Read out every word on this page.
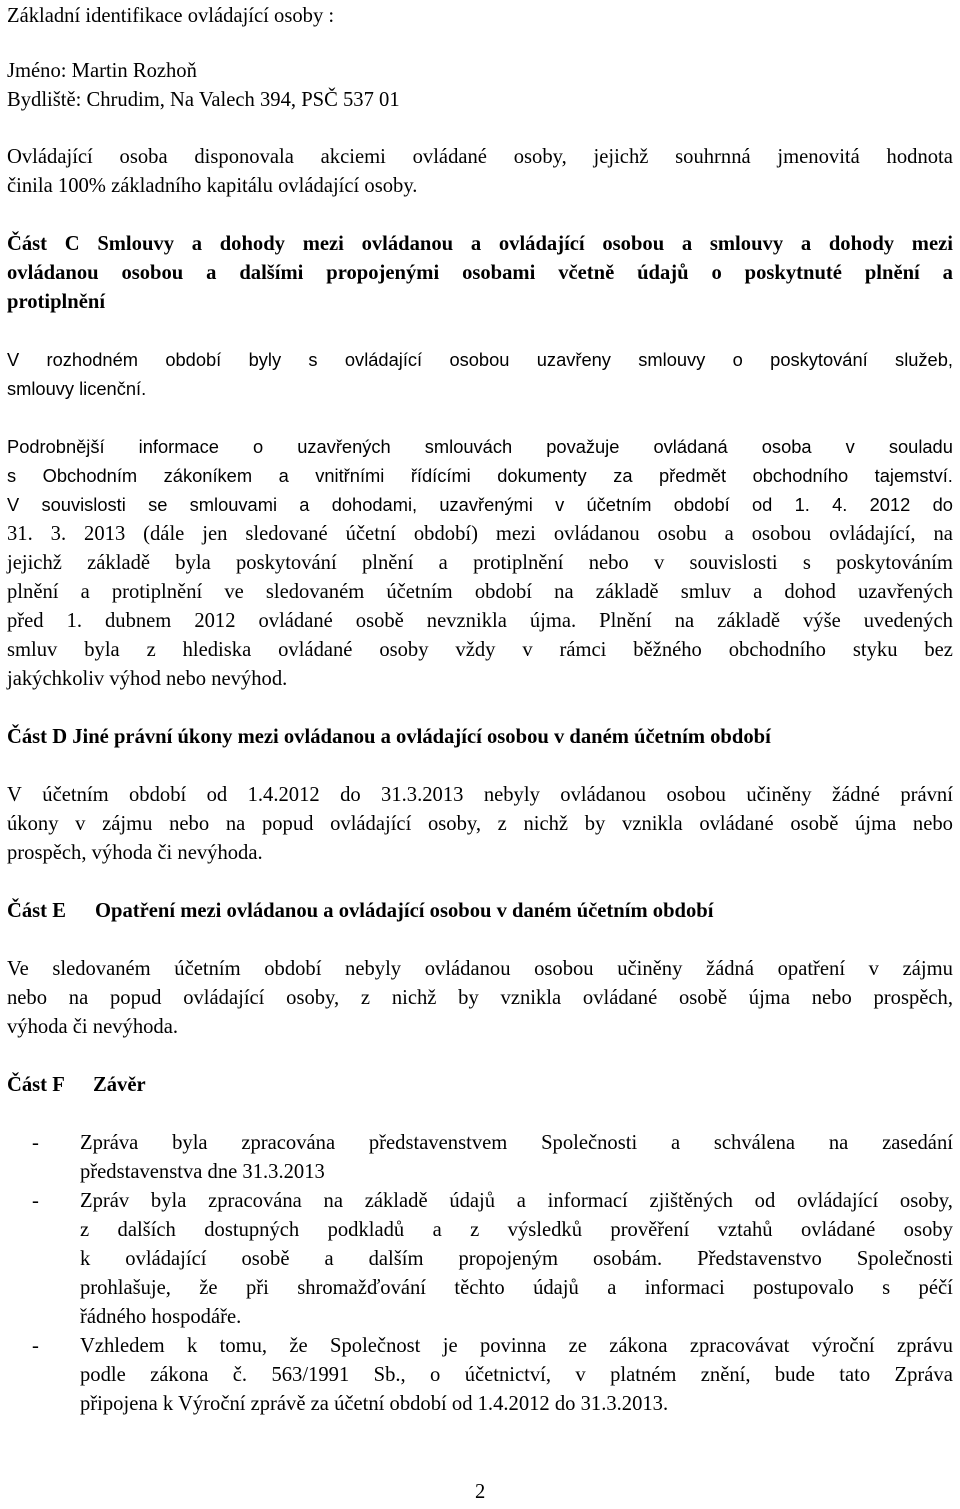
Základní identifikace ovládající osoby :
Jméno: Martin Rozhoň
Bydliště: Chrudim, Na Valech 394, PSČ 537 01
Ovládající osoba disponovala akciemi ovládané osoby, jejichž souhrnná jmenovitá hodnota
činila 100% základního kapitálu ovládající osoby.
Část C Smlouvy a dohody mezi ovládanou a ovládající osobou a smlouvy a dohody mezi
ovládanou osobou a dalšími propojenými osobami včetně údajů o poskytnuté plnění a
protiplnění
V rozhodném období byly s ovládající osobou uzavřeny smlouvy o poskytování služeb,
smlouvy licenční.
Podrobnější informace o uzavřených smlouvách považuje ovládaná osoba v souladu
s Obchodním zákoníkem a vnitřními řídícími dokumenty za předmět obchodního tajemství.
V souvislosti se smlouvami a dohodami, uzavřenými v účetním období od 1. 4. 2012 do
31. 3. 2013 (dále jen sledované účetní období) mezi ovládanou osobu a osobou ovládající, na
jejichž základě byla poskytování plnění a protiplnění nebo v souvislosti s poskytováním
plnění a protiplnění ve sledovaném účetním období na základě smluv a dohod uzavřených
před 1. dubnem 2012 ovládané osobě nevznikla újma. Plnění na základě výše uvedených
smluv byla z hlediska ovládané osoby vždy v rámci běžného obchodního styku bez
jakýchkoliv výhod nebo nevýhod.
Část D Jiné právní úkony mezi ovládanou a ovládající osobou v daném účetním období
V účetním období od 1.4.2012 do 31.3.2013 nebyly ovládanou osobou učiněny žádné právní
úkony v zájmu nebo na popud ovládající osoby, z nichž by vznikla ovládané osobě újma nebo
prospěch, výhoda či nevýhoda.
Část E Opatření mezi ovládanou a ovládající osobou v daném účetním období
Ve sledovaném účetním období nebyly ovládanou osobou učiněny žádná opatření v zájmu
nebo na popud ovládající osoby, z nichž by vznikla ovládané osobě újma nebo prospěch,
výhoda či nevýhoda.
Část F Závěr
- Zpráva byla zpracována představenstvem Společnosti a schválena na zasedání
představenstva dne 31.3.2013
- Zpráv byla zpracována na základě údajů a informací zjištěných od ovládající osoby,
z dalších dostupných podkladů a z výsledků prověření vztahů ovládané osoby
k ovládající osobě a dalším propojeným osobám. Představenstvo Společnosti
prohlašuje, že při shromažďování těchto údajů a informaci postupovalo s péčí
řádného hospodáře.
- Vzhledem k tomu, že Společnost je povinna ze zákona zpracovávat výroční zprávu
podle zákona č. 563/1991 Sb., o účetnictví, v platném znění, bude tato Zpráva
připojena k Výroční zprávě za účetní období od 1.4.2012 do 31.3.2013.
2
